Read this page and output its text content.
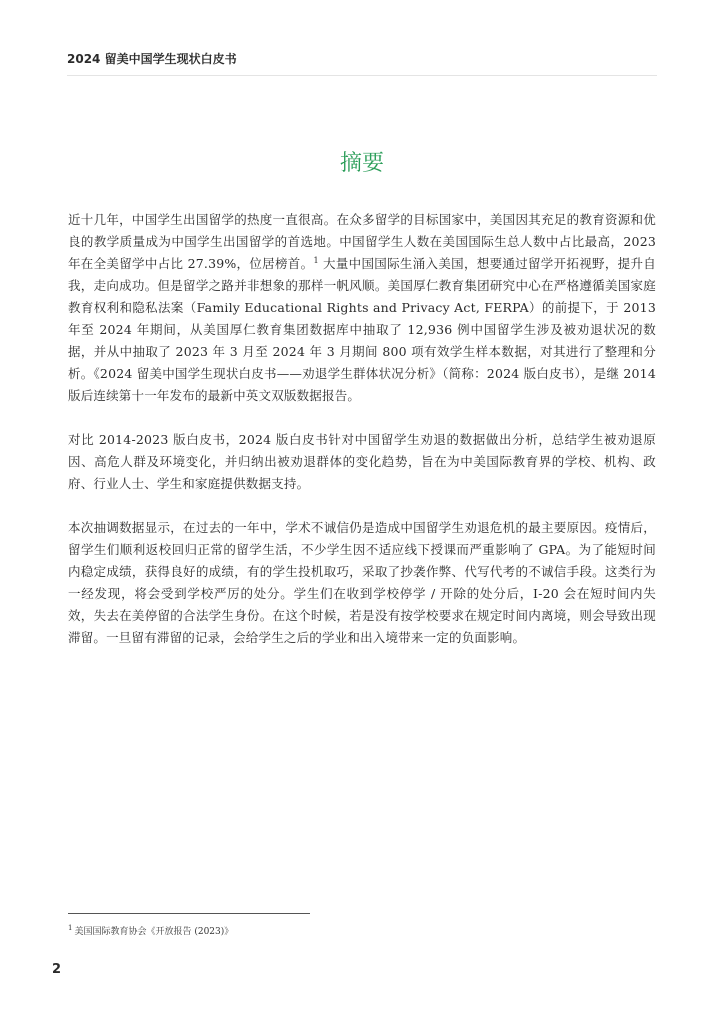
2024 留美中国学生现状白皮书
摘要

近十几年，中国学生出国留学的热度一直很高。在众多留学的目标国家中，美国因其充足的教育资源和优良的教学质量成为中国学生出国留学的首选地。中国留学生人数在美国国际生总人数中占比最高，2023 年在全美留学中占比 27.39%，位居榜首。$^1$ 大量中国国际生涌入美国，想要通过留学开拓视野，提升自我，走向成功。但是留学之路并非想象的那样一帆风顺。美国厚仁教育集团研究中心在严格遵循美国家庭教育权利和隐私法案（Family Educational Rights and Privacy Act, FERPA）的前提下，于 2013 年至 2024 年期间，从美国厚仁教育集团数据库中抽取了 12,936 例中国留学生涉及被劝退状况的数据，并从中抽取了 2023 年 3 月至 2024 年 3 月期间 800 项有效学生样本数据，对其进行了整理和分析。《2024 留美中国学生现状白皮书——劝退学生群体状况分析》（简称：2024 版白皮书），是继 2014 版后连续第十一年发布的最新中英文双版数据报告。

对比 2014-2023 版白皮书，2024 版白皮书针对中国留学生劝退的数据做出分析，总结学生被劝退原因、高危人群及环境变化，并归纳出被劝退群体的变化趋势，旨在为中美国际教育界的学校、机构、政府、行业人士、学生和家庭提供数据支持。

本次抽调数据显示，在过去的一年中，学术不诚信仍是造成中国留学生劝退危机的最主要原因。疫情后，留学生们顺利返校回归正常的留学生活，不少学生因不适应线下授课而严重影响了 GPA。为了能短时间内稳定成绩，获得良好的成绩，有的学生投机取巧，采取了抄袭作弊、代写代考的不诚信手段。这类行为一经发现，将会受到学校严厉的处分。学生们在收到学校停学 / 开除的处分后，I-20 会在短时间内失效，失去在美停留的合法学生身份。在这个时候，若是没有按学校要求在规定时间内离境，则会导致出现滞留。一旦留有滞留的记录，会给学生之后的学业和出入境带来一定的负面影响。

$^1$ 美国国际教育协会《开放报告 (2023)》
2
